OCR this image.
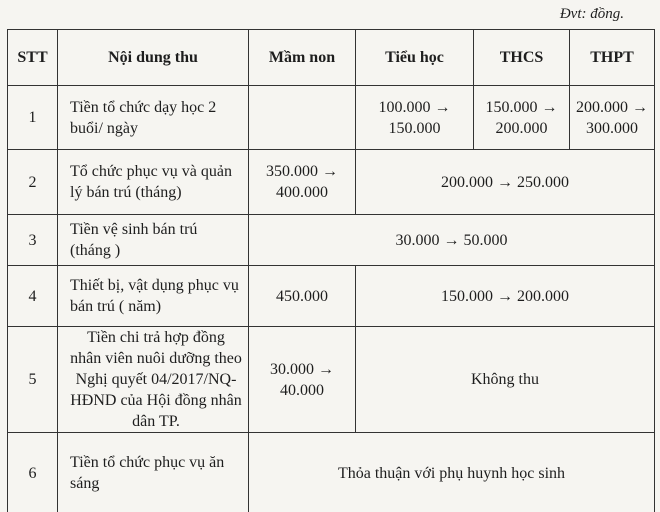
Đvt: đồng.
STT	Nội dung thu	Mầm non	Tiểu học	THCS	THPT
1	Tiền tổ chức dạy học 2 buổi/ ngày		100.000 → 150.000	150.000 → 200.000	200.000 → 300.000
2	Tổ chức phục vụ và quản lý bán trú (tháng)	350.000 → 400.000	200.000 → 250.000		
3	Tiền vệ sinh bán trú (tháng )	30.000 → 50.000			
4	Thiết bị, vật dụng phục vụ bán trú ( năm)	450.000	150.000 → 200.000		
5	Tiền chi trả hợp đồng nhân viên nuôi dưỡng theo Nghị quyết 04/2017/NQ-HĐND của Hội đồng nhân dân TP.	30.000 → 40.000	Không thu		
6	Tiền tổ chức phục vụ ăn sáng	Thỏa thuận với phụ huynh học sinh			
